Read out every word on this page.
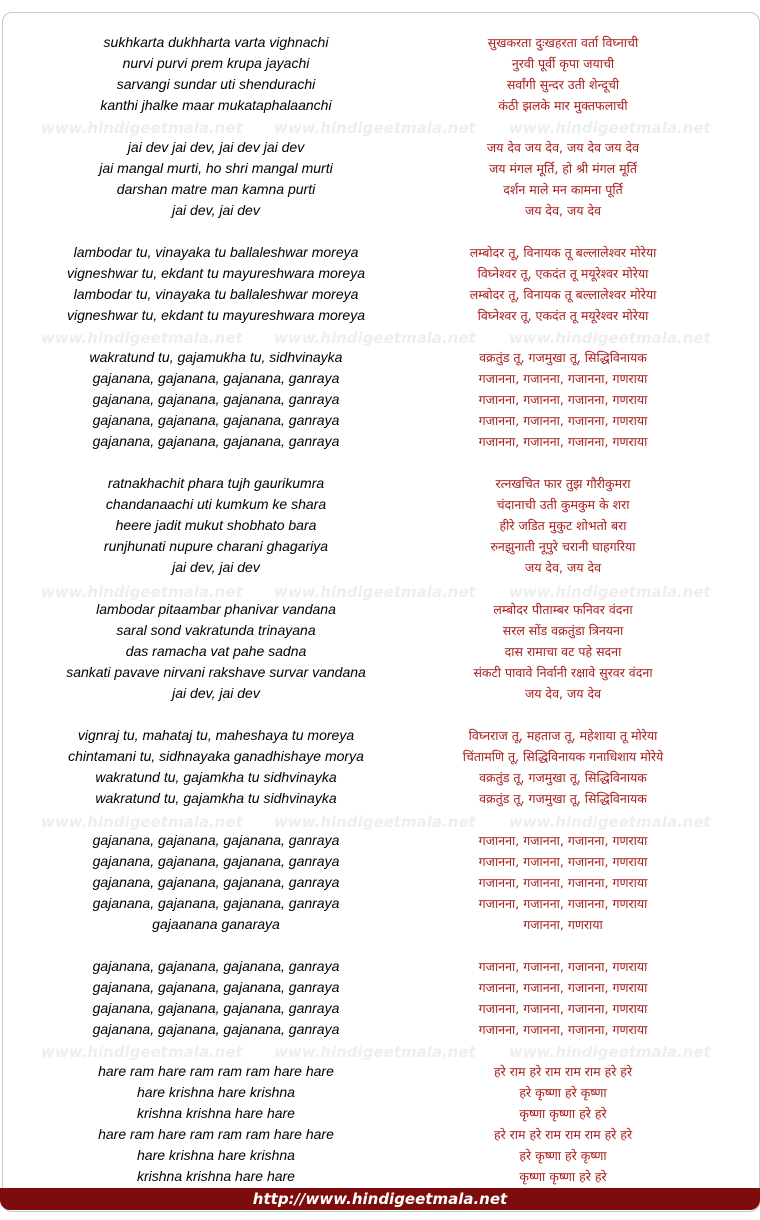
www.hindigeetmala.net www.hindigeetmala.net www.hindigeetmala.net
www.hindigeetmala.net www.hindigeetmala.net www.hindigeetmala.net
www.hindigeetmala.net www.hindigeetmala.net www.hindigeetmala.net
www.hindigeetmala.net www.hindigeetmala.net www.hindigeetmala.net
www.hindigeetmala.net www.hindigeetmala.net www.hindigeetmala.net
sukhkarta dukhharta varta vighnachi	सुखकरता दुःखहरता वर्ता विघ्नाची
nurvi purvi prem krupa jayachi	नुरवी पूर्वी कृपा जयाची
sarvangi sundar uti shendurachi	सर्वांगी सुन्दर उती शेन्दूची
kanthi jhalke maar mukataphalaanchi	कंठी झलके मार मुक्तफलाची
jai dev jai dev, jai dev jai dev	जय देव जय देव, जय देव जय देव
jai mangal murti, ho shri mangal murti	जय मंगल मूर्ति, हो श्री मंगल मूर्ति
darshan matre man kamna purti	दर्शन माले मन कामना पूर्ति
jai dev, jai dev	जय देव, जय देव
lambodar tu, vinayaka tu ballaleshwar moreya	लम्बोदर तू, विनायक तू बल्लालेश्वर मोरेया
vigneshwar tu, ekdant tu mayureshwara moreya	विघ्नेश्वर तू, एकदंत तू मयूरेश्वर मोरेया
lambodar tu, vinayaka tu ballaleshwar moreya	लम्बोदर तू, विनायक तू बल्लालेश्वर मोरेया
vigneshwar tu, ekdant tu mayureshwara moreya	विघ्नेश्वर तू, एकदंत तू मयूरेश्वर मोरेया
wakratund tu, gajamukha tu, sidhvinayka	वक्रतुंड तू, गजमुखा तू, सिद्धिविनायक
gajanana, gajanana, gajanana, ganraya	गजानना, गजानना, गजानना, गणराया
gajanana, gajanana, gajanana, ganraya	गजानना, गजानना, गजानना, गणराया
gajanana, gajanana, gajanana, ganraya	गजानना, गजानना, गजानना, गणराया
gajanana, gajanana, gajanana, ganraya	गजानना, गजानना, गजानना, गणराया
ratnakhachit phara tujh gaurikumra	रत्नखचित फार तुझ गौरीकुमरा
chandanaachi uti kumkum ke shara	चंदानाची उती कुमकुम के शरा
heere jadit mukut shobhato bara	हीरे जडित मुकुट शोभतो बरा
runjhunati nupure charani ghagariya	रुनझुनाती नूपुरे चरानी घाहगरिया
jai dev, jai dev	जय देव, जय देव
lambodar pitaambar phanivar vandana	लम्बोदर पीताम्बर फनिवर वंदना
saral sond vakratunda trinayana	सरल सोंड वक्रतुंडा त्रिनयना
das ramacha vat pahe sadna	दास रामाचा वट पहे सदना
sankati pavave nirvani rakshave survar vandana	संकटी पावावे निर्वानी रक्षावे सुरवर वंदना
jai dev, jai dev	जय देव, जय देव
vignraj tu, mahataj tu, maheshaya tu moreya	विघ्नराज तू, महताज तू, महेशाया तू मोरेया
chintamani tu, sidhnayaka ganadhishaye morya	चिंतामणि तू, सिद्धिविनायक गनाधिशाय मोरेये
wakratund tu, gajamkha tu sidhvinayka	वक्रतुंड तू, गजमुखा तू, सिद्धिविनायक
wakratund tu, gajamkha tu sidhvinayka	वक्रतुंड तू, गजमुखा तू, सिद्धिविनायक
gajanana, gajanana, gajanana, ganraya	गजानना, गजानना, गजानना, गणराया
gajanana, gajanana, gajanana, ganraya	गजानना, गजानना, गजानना, गणराया
gajanana, gajanana, gajanana, ganraya	गजानना, गजानना, गजानना, गणराया
gajanana, gajanana, gajanana, ganraya	गजानना, गजानना, गजानना, गणराया
gajaanana ganaraya	गजानना, गणराया
gajanana, gajanana, gajanana, ganraya	गजानना, गजानना, गजानना, गणराया
gajanana, gajanana, gajanana, ganraya	गजानना, गजानना, गजानना, गणराया
gajanana, gajanana, gajanana, ganraya	गजानना, गजानना, गजानना, गणराया
gajanana, gajanana, gajanana, ganraya	गजानना, गजानना, गजानना, गणराया
hare ram hare ram ram ram hare hare	हरे राम हरे राम राम राम हरे हरे
hare krishna hare krishna	हरे कृष्णा हरे कृष्णा
krishna krishna hare hare	कृष्णा कृष्णा हरे हरे
hare ram hare ram ram ram hare hare	हरे राम हरे राम राम राम हरे हरे
hare krishna hare krishna	हरे कृष्णा हरे कृष्णा
krishna krishna hare hare	कृष्णा कृष्णा हरे हरे
http://www.hindigeetmala.net
